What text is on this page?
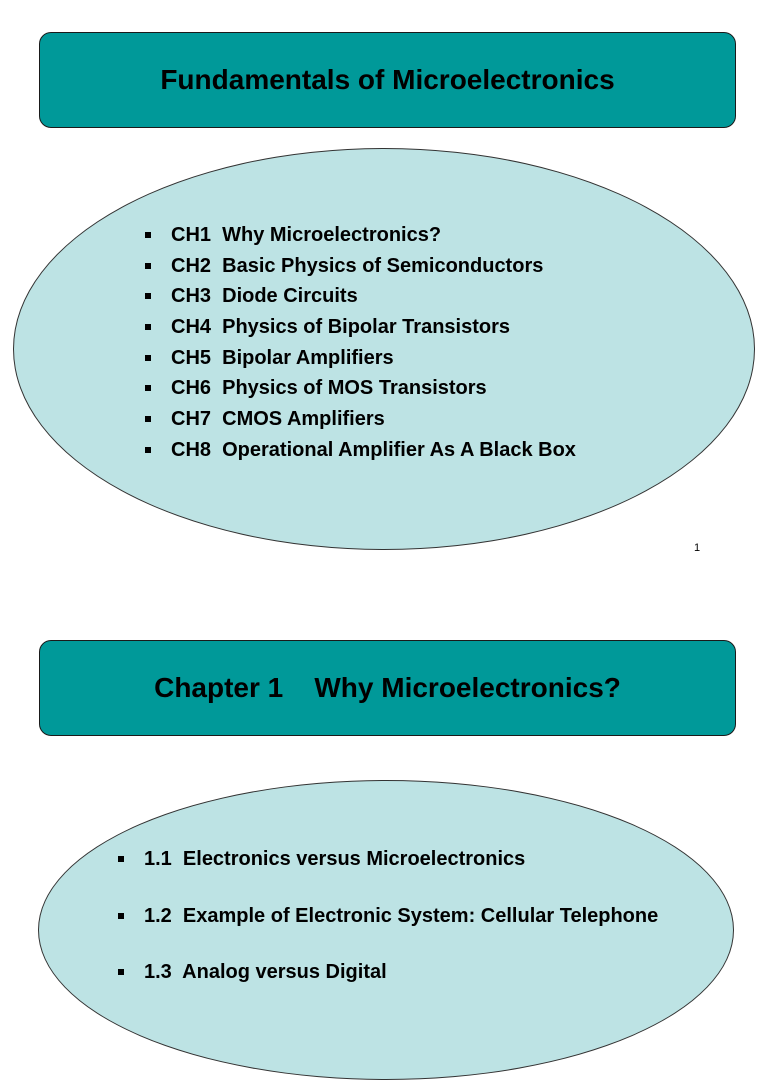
Fundamentals of Microelectronics
CH1  Why Microelectronics?
CH2  Basic Physics of Semiconductors
CH3  Diode Circuits
CH4  Physics of Bipolar Transistors
CH5  Bipolar Amplifiers
CH6  Physics of MOS Transistors
CH7  CMOS Amplifiers
CH8  Operational Amplifier As A Black Box
1
Chapter 1    Why Microelectronics?
1.1  Electronics versus Microelectronics
1.2  Example of Electronic System: Cellular Telephone
1.3  Analog versus Digital
